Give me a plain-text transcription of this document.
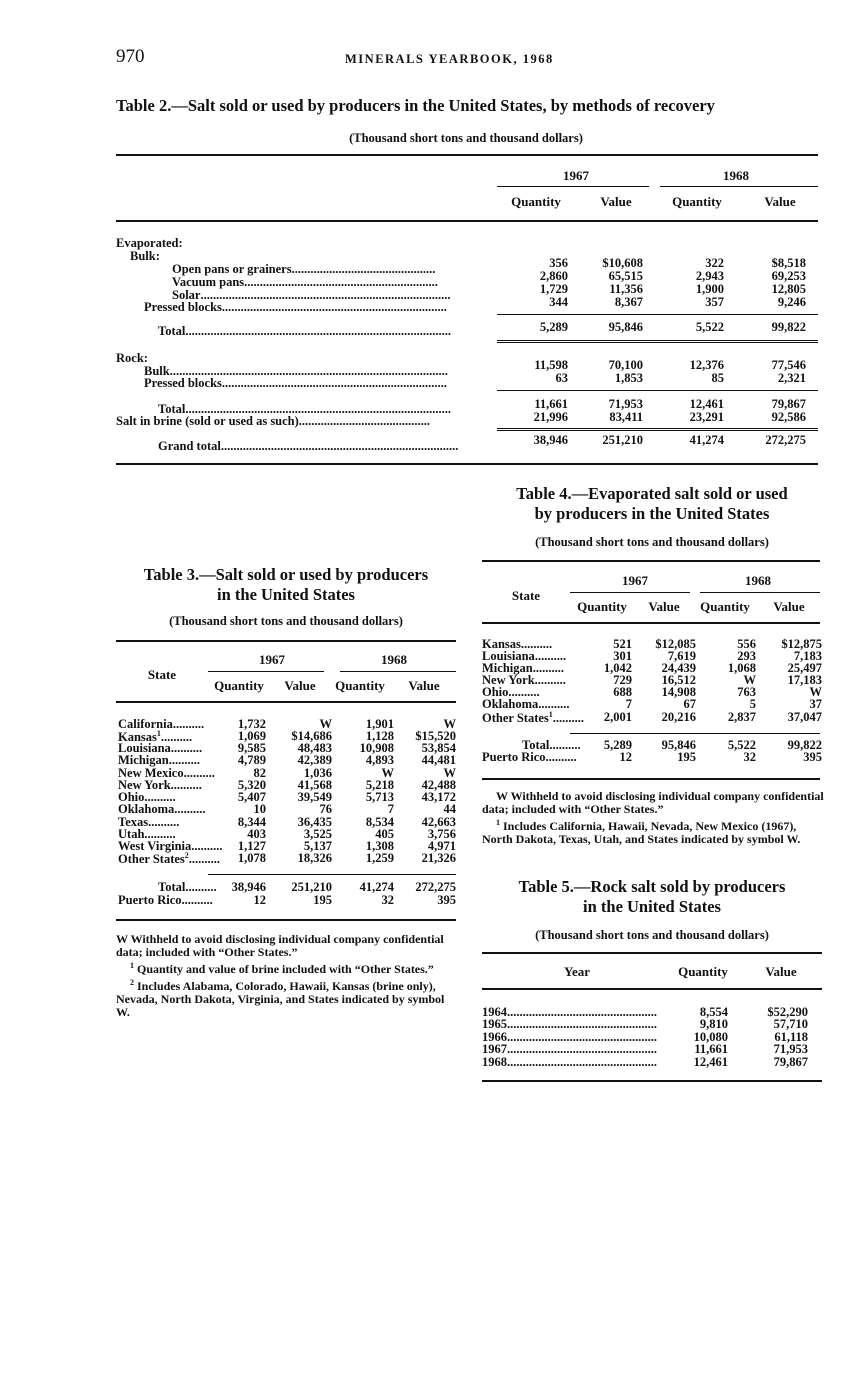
970	MINERALS YEARBOOK, 1968
Table 2.—Salt sold or used by producers in the United States, by methods of recovery
(Thousand short tons and thousand dollars)
1967	1968
Quantity	Value	Quantity	Value
Evaporated:
Bulk:
Open pans or grainers..............................................	356	$10,608	322	$8,518
Vacuum pans..............................................................	2,860	65,515	2,943	69,253
Solar................................................................................	1,729	11,356	1,900	12,805
Pressed blocks........................................................................	344	8,367	357	9,246
Total.....................................................................................	5,289	95,846	5,522	99,822
Rock:
Bulk.........................................................................................	11,598	70,100	12,376	77,546
Pressed blocks........................................................................	63	1,853	85	2,321
Total.....................................................................................	11,661	71,953	12,461	79,867
Salt in brine (sold or used as such)..........................................	21,996	83,411	23,291	92,586
Grand total............................................................................	38,946	251,210	41,274	272,275
Table 3.—Salt sold or used by producers
in the United States
(Thousand short tons and thousand dollars)
State
1967	1968
Quantity	Value	Quantity	Value
California..........	1,732	W	1,901	W
Kansas$^1$..........	1,069	$14,686	1,128	$15,520
Louisiana..........	9,585	48,483	10,908	53,854
Michigan..........	4,789	42,389	4,893	44,481
New Mexico..........	82	1,036	W	W
New York..........	5,320	41,568	5,218	42,488
Ohio..........	5,407	39,549	5,713	43,172
Oklahoma..........	10	76	7	44
Texas..........	8,344	36,435	8,534	42,663
Utah..........	403	3,525	405	3,756
West Virginia..........	1,127	5,137	1,308	4,971
Other States$^2$..........	1,078	18,326	1,259	21,326
Total..........	38,946	251,210	41,274	272,275
Puerto Rico..........	12	195	32	395
W Withheld to avoid disclosing individual company confidential data; included with “Other States.”
$^1$ Quantity and value of brine included with “Other States.”
$^2$ Includes Alabama, Colorado, Hawaii, Kansas (brine only), Nevada, North Dakota, Virginia, and States indicated by symbol W.
Table 4.—Evaporated salt sold or used
by producers in the United States
(Thousand short tons and thousand dollars)
State
1967	1968
Quantity	Value	Quantity	Value
Kansas..........	521	$12,085	556	$12,875
Louisiana..........	301	7,619	293	7,183
Michigan..........	1,042	24,439	1,068	25,497
New York..........	729	16,512	W	17,183
Ohio..........	688	14,908	763	W
Oklahoma..........	7	67	5	37
Other States$^1$..........	2,001	20,216	2,837	37,047
Total..........	5,289	95,846	5,522	99,822
Puerto Rico..........	12	195	32	395
W Withheld to avoid disclosing individual company confidential data; included with “Other States.”
$^1$ Includes California, Hawaii, Nevada, New Mexico (1967), North Dakota, Texas, Utah, and States indicated by symbol W.
Table 5.—Rock salt sold by producers
in the United States
(Thousand short tons and thousand dollars)
Year	Quantity	Value
1964................................................	8,554	$52,290
1965................................................	9,810	57,710
1966................................................	10,080	61,118
1967................................................	11,661	71,953
1968................................................	12,461	79,867
